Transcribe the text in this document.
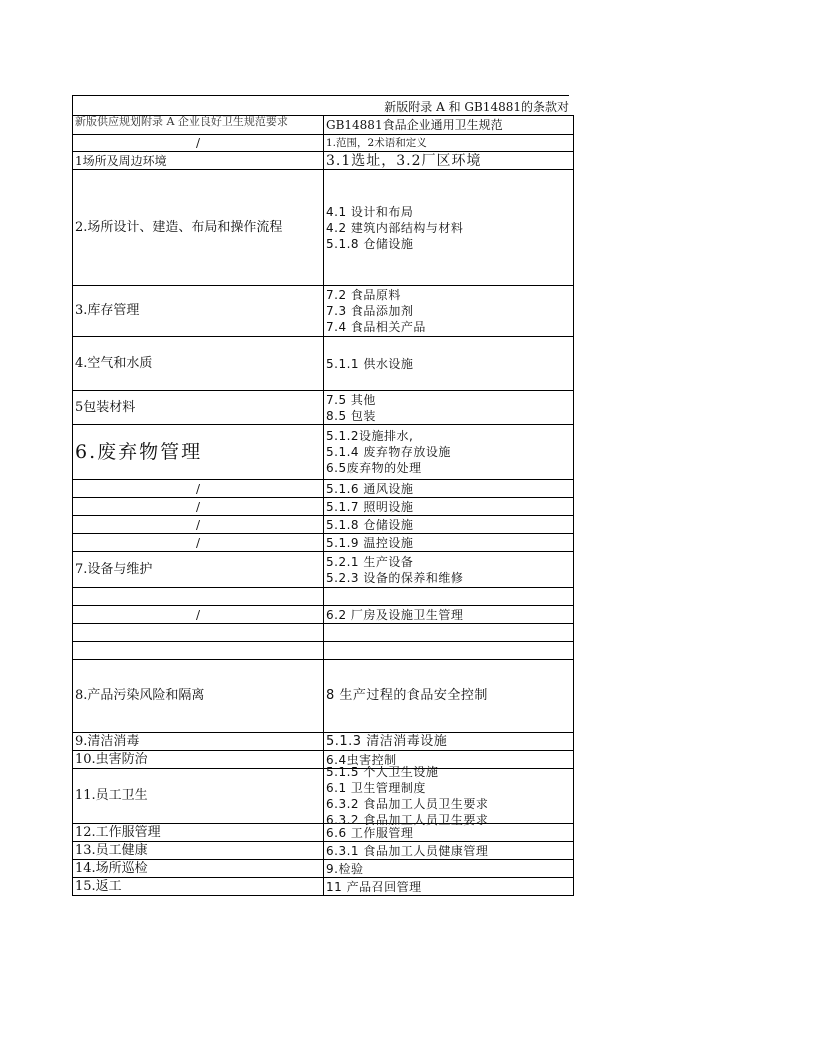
新版附录 A 和 GB14881的条款对
新版供应规划附录 A 企业良好卫生规范要求	GB14881食品企业通用卫生规范
/	1.范围，2术语和定义

1场所及周边环境	3.1选址，3.2厂区环境

2.场所设计、建造、布局和操作流程	4.1 设计和布局
4.2 建筑内部结构与材料
5.1.8 仓储设施

3.库存管理	7.2 食品原料
7.3 食品添加剂
7.4 食品相关产品

4.空气和水质	5.1.1 供水设施

5包装材料	7.5 其他
8.5 包装

6.废弃物管理	5.1.2设施排水,
5.1.4 废弃物存放设施
6.5废弃物的处理

/	5.1.6 通风设施

/	5.1.7 照明设施

/	5.1.8 仓储设施

/	5.1.9 温控设施

7.设备与维护	5.2.1 生产设备
5.2.3 设备的保养和维修

/	6.2 厂房及设施卫生管理

8.产品污染风险和隔离	8 生产过程的食品安全控制

9.清洁消毒	5.1.3 清洁消毒设施

10.虫害防治	6.4虫害控制

11.员工卫生	5.1.5 个人卫生设施
6.1 卫生管理制度
6.3.2 食品加工人员卫生要求
6.3.2 食品加工人员卫生要求

12.工作服管理	6.6 工作服管理

13.员工健康	6.3.1 食品加工人员健康管理

14.场所巡检	9.检验

15.返工	11 产品召回管理
